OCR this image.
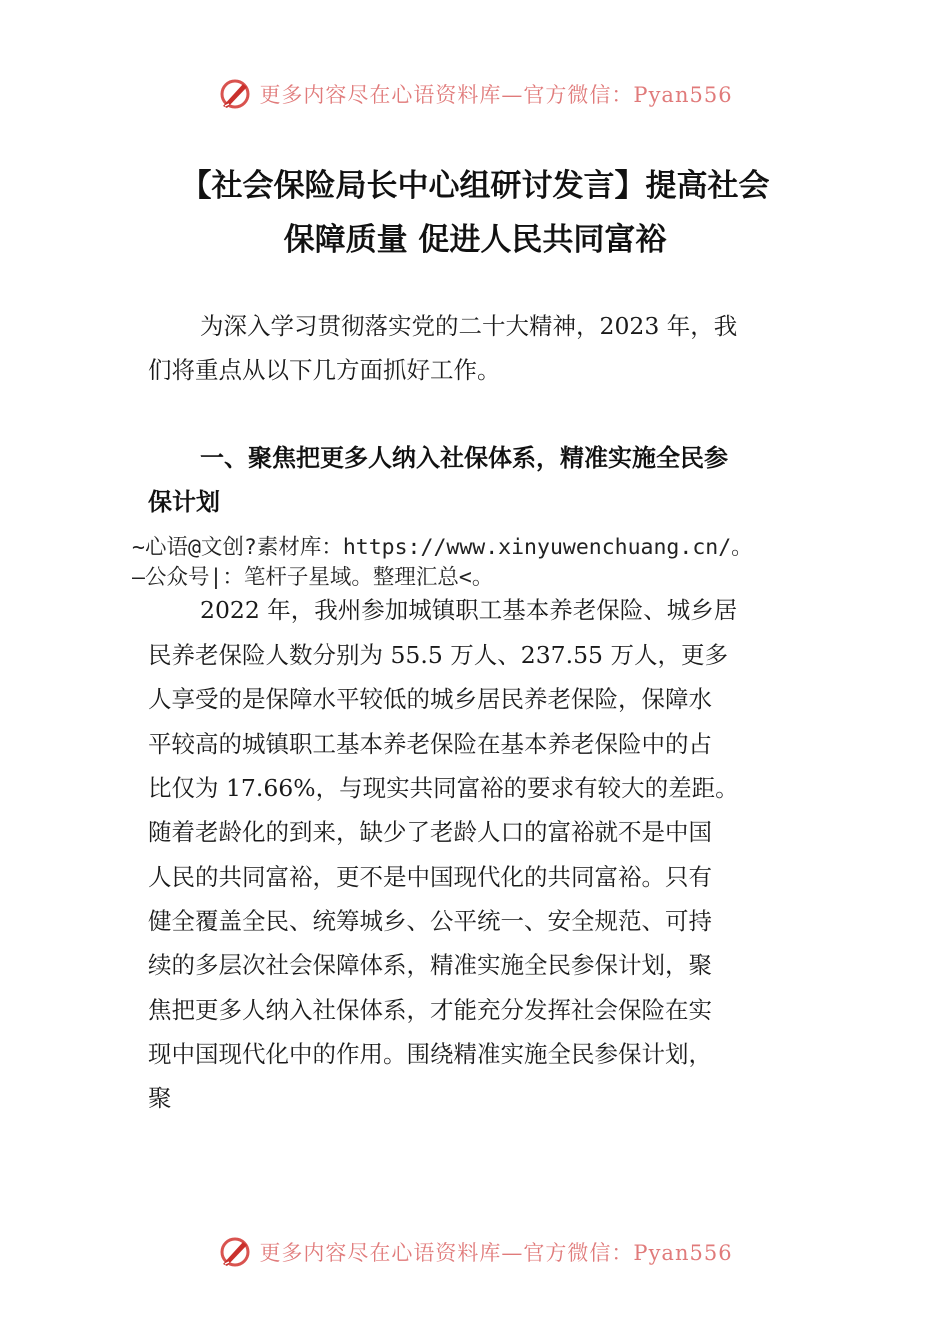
更多内容尽在心语资料库—官方微信：Pyan556
【社会保险局长中心组研讨发言】提高社会
保障质量 促进人民共同富裕
为深入学习贯彻落实党的二十大精神，2023 年，我
们将重点从以下几方面抓好工作。
一、聚焦把更多人纳入社保体系，精准实施全民参
保计划
~心语@文创?素材库：https://www.xinyuwenchuang.cn/。
—公众号|：笔杆子星域。整理汇总<。
2022 年，我州参加城镇职工基本养老保险、城乡居
民养老保险人数分别为 55.5 万人、237.55 万人，更多
人享受的是保障水平较低的城乡居民养老保险，保障水
平较高的城镇职工基本养老保险在基本养老保险中的占
比仅为 17.66%，与现实共同富裕的要求有较大的差距。
随着老龄化的到来，缺少了老龄人口的富裕就不是中国
人民的共同富裕，更不是中国现代化的共同富裕。只有
健全覆盖全民、统筹城乡、公平统一、安全规范、可持
续的多层次社会保障体系，精准实施全民参保计划，聚
焦把更多人纳入社保体系，才能充分发挥社会保险在实
现中国现代化中的作用。围绕精准实施全民参保计划，
聚
更多内容尽在心语资料库—官方微信：Pyan556
